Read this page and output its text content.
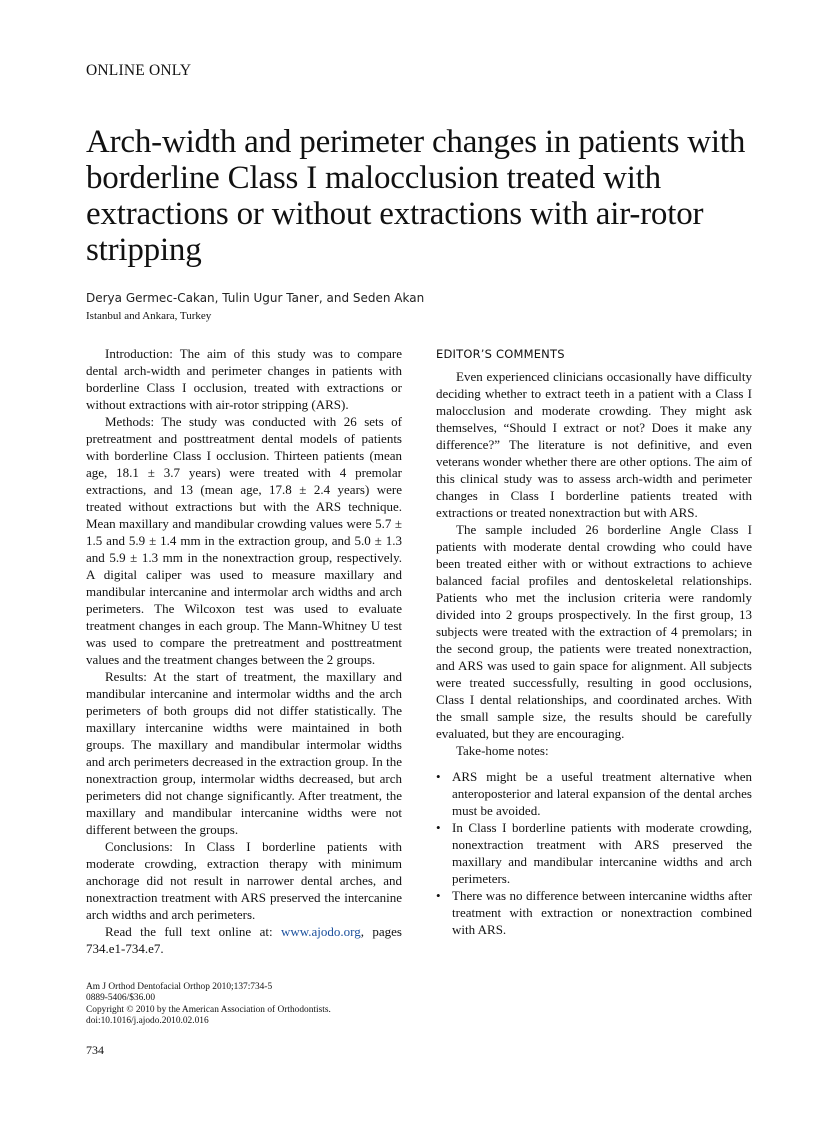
ONLINE ONLY
Arch-width and perimeter changes in patients with borderline Class I malocclusion treated with extractions or without extractions with air-rotor stripping
Derya Germec-Cakan, Tulin Ugur Taner, and Seden Akan
Istanbul and Ankara, Turkey

Introduction: The aim of this study was to compare dental arch-width and perimeter changes in patients with borderline Class I occlusion, treated with extractions or without extractions with air-rotor stripping (ARS).

Methods: The study was conducted with 26 sets of pretreatment and posttreatment dental models of patients with borderline Class I occlusion. Thirteen patients (mean age, 18.1 ± 3.7 years) were treated with 4 premolar extractions, and 13 (mean age, 17.8 ± 2.4 years) were treated without extractions but with the ARS technique. Mean maxillary and mandibular crowding values were 5.7 ± 1.5 and 5.9 ± 1.4 mm in the extraction group, and 5.0 ± 1.3 and 5.9 ± 1.3 mm in the nonextraction group, respectively. A digital caliper was used to measure maxillary and mandibular intercanine and intermolar arch widths and arch perimeters. The Wilcoxon test was used to evaluate treatment changes in each group. The Mann-Whitney U test was used to compare the pretreatment and posttreatment values and the treatment changes between the 2 groups.

Results: At the start of treatment, the maxillary and mandibular intercanine and intermolar widths and the arch perimeters of both groups did not differ statistically. The maxillary intercanine widths were maintained in both groups. The maxillary and mandibular intermolar widths and arch perimeters decreased in the extraction group. In the nonextraction group, intermolar widths decreased, but arch perimeters did not change significantly. After treatment, the maxillary and mandibular intercanine widths were not different between the groups.

Conclusions: In Class I borderline patients with moderate crowding, extraction therapy with minimum anchorage did not result in narrower dental arches, and nonextraction treatment with ARS preserved the intercanine arch widths and arch perimeters.

Read the full text online at: www.ajodo.org, pages 734.e1-734.e7.

Am J Orthod Dentofacial Orthop 2010;137:734-5
0889-5406/$36.00
Copyright © 2010 by the American Association of Orthodontists.
doi:10.1016/j.ajodo.2010.02.016
734
EDITOR’S COMMENTS

Even experienced clinicians occasionally have difficulty deciding whether to extract teeth in a patient with a Class I malocclusion and moderate crowding. They might ask themselves, “Should I extract or not? Does it make any difference?” The literature is not definitive, and even veterans wonder whether there are other options. The aim of this clinical study was to assess arch-width and perimeter changes in Class I borderline patients treated with extractions or treated nonextraction but with ARS.

The sample included 26 borderline Angle Class I patients with moderate dental crowding who could have been treated either with or without extractions to achieve balanced facial profiles and dentoskeletal relationships. Patients who met the inclusion criteria were randomly divided into 2 groups prospectively. In the first group, 13 subjects were treated with the extraction of 4 premolars; in the second group, the patients were treated nonextraction, and ARS was used to gain space for alignment. All subjects were treated successfully, resulting in good occlusions, Class I dental relationships, and coordinated arches. With the small sample size, the results should be carefully evaluated, but they are encouraging.

Take-home notes:

• ARS might be a useful treatment alternative when anteroposterior and lateral expansion of the dental arches must be avoided.
• In Class I borderline patients with moderate crowding, nonextraction treatment with ARS preserved the maxillary and mandibular intercanine widths and arch perimeters.
• There was no difference between intercanine widths after treatment with extraction or nonextraction combined with ARS.
